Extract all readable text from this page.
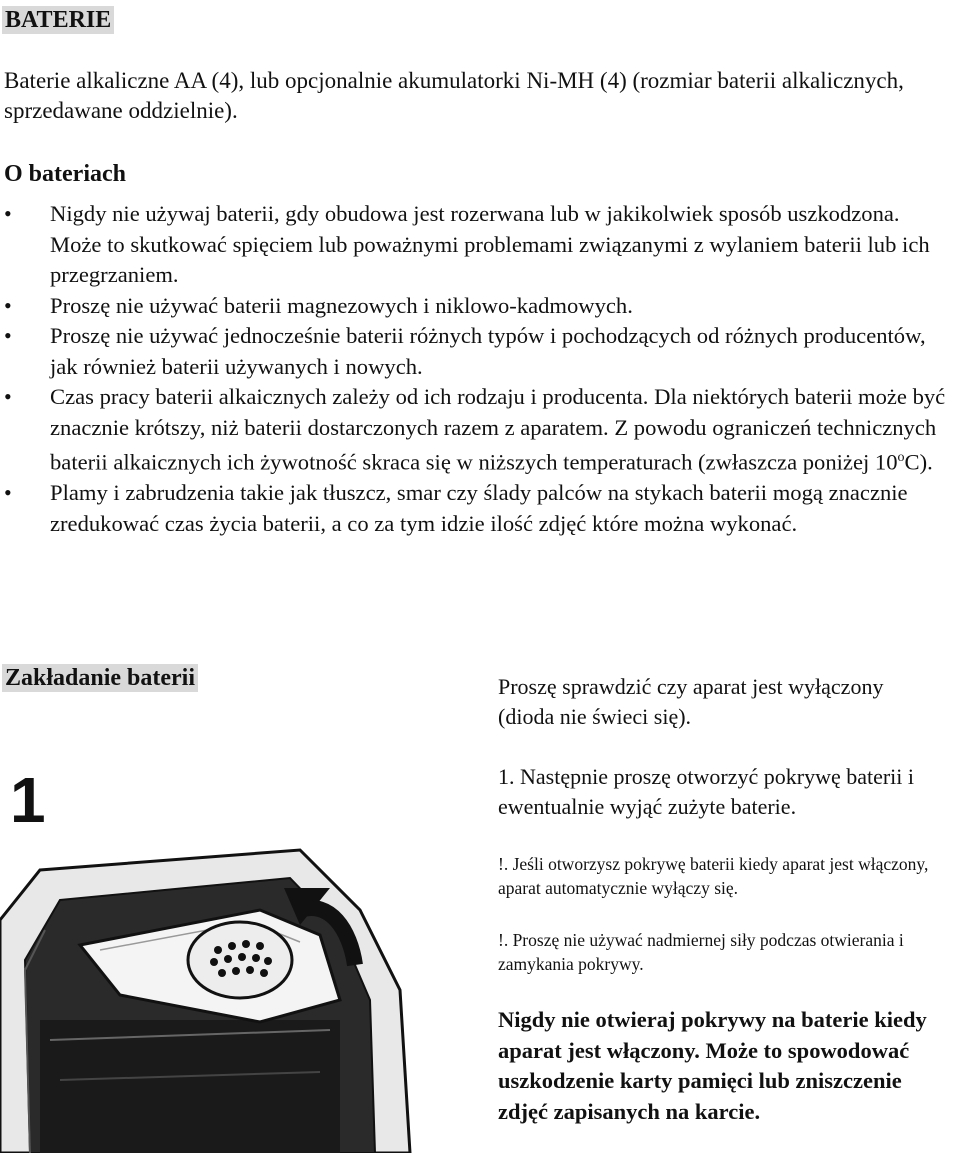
BATERIE

Baterie alkaliczne AA (4), lub opcjonalnie akumulatorki Ni-MH (4) (rozmiar baterii alkalicznych, sprzedawane oddzielnie).

O bateriach

• Nigdy nie używaj baterii, gdy obudowa jest rozerwana lub w jakikolwiek sposób uszkodzona. Może to skutkować spięciem lub poważnymi problemami związanymi z wylaniem baterii lub ich przegrzaniem.
• Proszę nie używać baterii magnezowych i niklowo-kadmowych.
• Proszę nie używać jednocześnie baterii różnych typów i pochodzących od różnych producentów, jak również baterii używanych i nowych.
• Czas pracy baterii alkaicznych zależy od ich rodzaju i producenta. Dla niektórych baterii może być znacznie krótszy, niż baterii dostarczonych razem z aparatem. Z powodu ograniczeń technicznych baterii alkaicznych ich żywotność skraca się w niższych temperaturach (zwłaszcza poniżej 10$^o$C).
• Plamy i zabrudzenia takie jak tłuszcz, smar czy ślady palców na stykach baterii mogą znacznie zredukować czas życia baterii, a co za tym idzie ilość zdjęć które można wykonać.
Zakładanie baterii	Proszę sprawdzić czy aparat jest wyłączony (dioda nie świeci się).

1. Następnie proszę otworzyć pokrywę baterii i ewentualnie wyjąć zużyte baterie.

!. Jeśli otworzysz pokrywę baterii kiedy aparat jest włączony, aparat automatycznie wyłączy się.

!. Proszę nie używać nadmiernej siły podczas otwierania i zamykania pokrywy.

Nigdy nie otwieraj pokrywy na baterie kiedy aparat jest włączony. Może to spowodować uszkodzenie karty pamięci lub zniszczenie zdjęć zapisanych na karcie.

1
